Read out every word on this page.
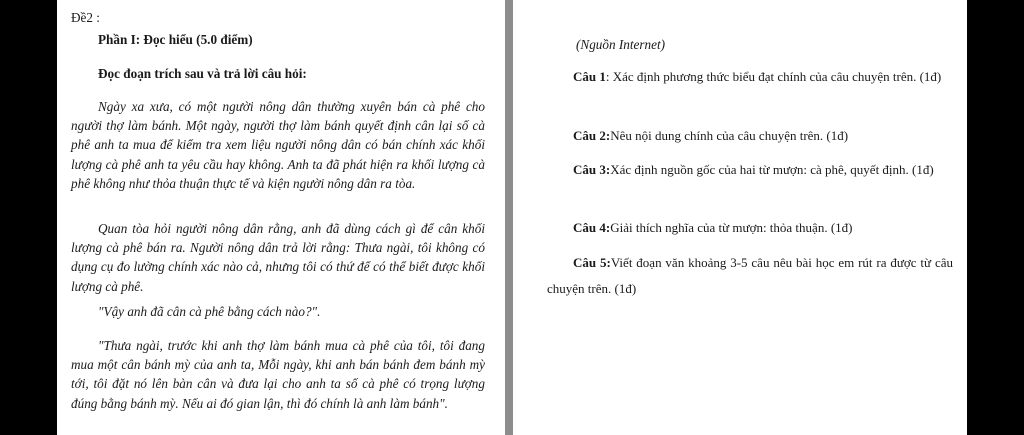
Đề2 :

Phần I: Đọc hiểu (5.0 điểm)

Đọc đoạn trích sau và trả lời câu hỏi:

Ngày xa xưa, có một người nông dân thường xuyên bán cà phê cho người thợ làm bánh. Một ngày, người thợ làm bánh quyết định cân lại số cà phê anh ta mua để kiểm tra xem liệu người nông dân có bán chính xác khối lượng cà phê anh ta yêu cầu hay không. Anh ta đã phát hiện ra khối lượng cà phê không như thỏa thuận thực tế và kiện người nông dân ra tòa.

Quan tòa hỏi người nông dân rằng, anh đã dùng cách gì để cân khối lượng cà phê bán ra. Người nông dân trả lời rằng: Thưa ngài, tôi không có dụng cụ đo lường chính xác nào cả, nhưng tôi có thứ để có thể biết được khối lượng cà phê.

"Vậy anh đã cân cà phê bằng cách nào?".

"Thưa ngài, trước khi anh thợ làm bánh mua cà phê của tôi, tôi đang mua một cân bánh mỳ của anh ta, Mỗi ngày, khi anh bán bánh đem bánh mỳ tới, tôi đặt nó lên bàn cân và đưa lại cho anh ta số cà phê có trọng lượng đúng bằng bánh mỳ. Nếu ai đó gian lận, thì đó chính là anh làm bánh".

(Nguồn Internet)

Câu 1: Xác định phương thức biểu đạt chính của câu chuyện trên. (1đ)

Câu 2:Nêu nội dung chính của câu chuyện trên. (1đ)

Câu 3:Xác định nguồn gốc của hai từ mượn: cà phê, quyết định. (1đ)

Câu 4:Giải thích nghĩa của từ mượn: thỏa thuận. (1đ)

Câu 5:Viết đoạn văn khoảng 3-5 câu nêu bài học em rút ra được từ câu chuyện trên. (1đ)
